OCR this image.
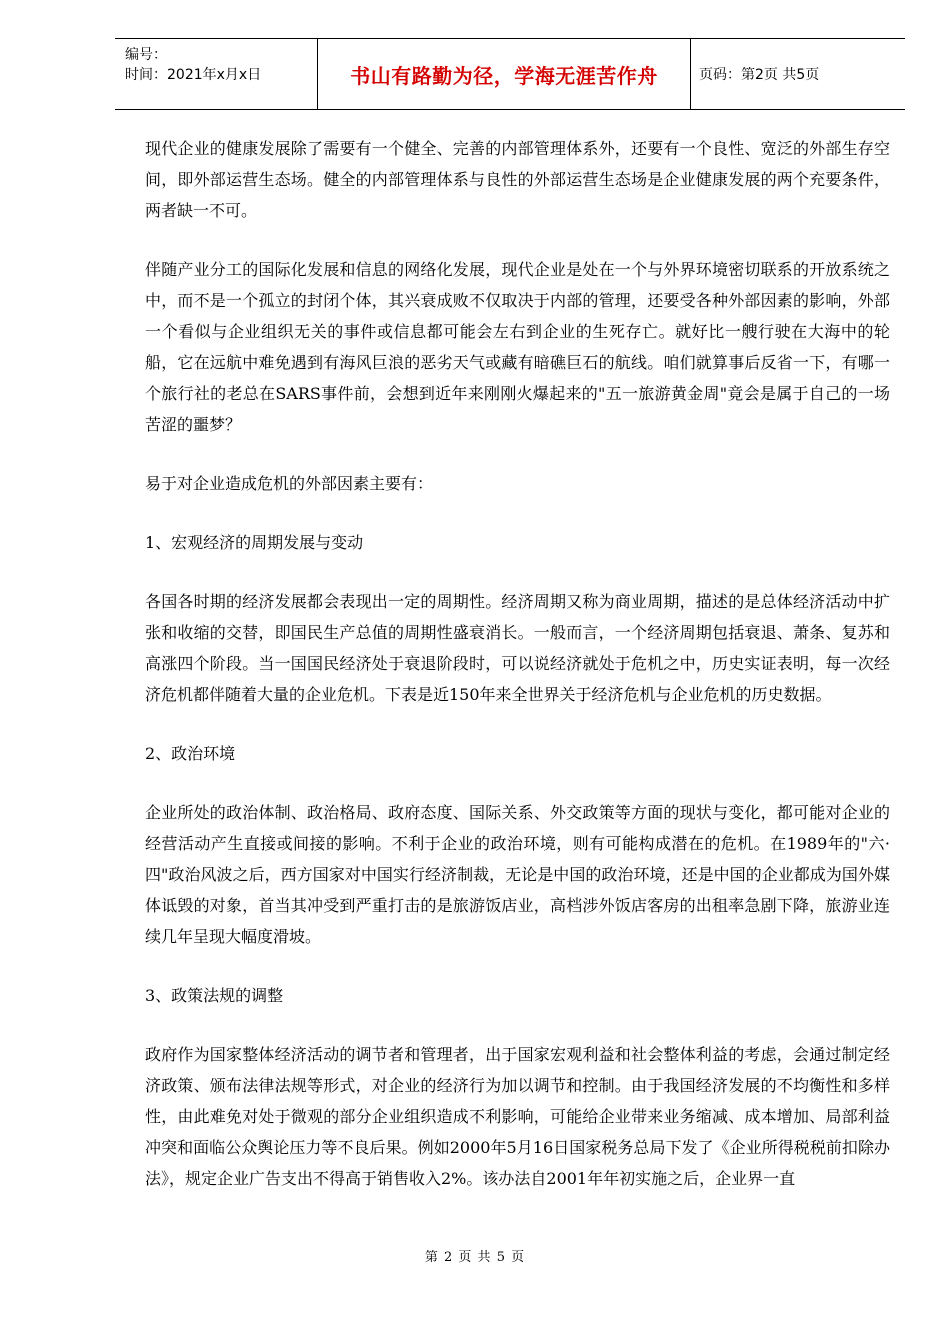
编号：
时间：2021年x月x日	书山有路勤为径，学海无涯苦作舟	页码：第2页 共5页

现代企业的健康发展除了需要有一个健全、完善的内部管理体系外，还要有一个良性、宽泛的外部生存空间，即外部运营生态场。健全的内部管理体系与良性的外部运营生态场是企业健康发展的两个充要条件，两者缺一不可。

伴随产业分工的国际化发展和信息的网络化发展，现代企业是处在一个与外界环境密切联系的开放系统之中，而不是一个孤立的封闭个体，其兴衰成败不仅取决于内部的管理，还要受各种外部因素的影响，外部一个看似与企业组织无关的事件或信息都可能会左右到企业的生死存亡。就好比一艘行驶在大海中的轮船，它在远航中难免遇到有海风巨浪的恶劣天气或藏有暗礁巨石的航线。咱们就算事后反省一下，有哪一个旅行社的老总在SARS事件前，会想到近年来刚刚火爆起来的"五一旅游黄金周"竟会是属于自己的一场苦涩的噩梦？

易于对企业造成危机的外部因素主要有：

1、宏观经济的周期发展与变动

各国各时期的经济发展都会表现出一定的周期性。经济周期又称为商业周期，描述的是总体经济活动中扩张和收缩的交替，即国民生产总值的周期性盛衰消长。一般而言，一个经济周期包括衰退、萧条、复苏和高涨四个阶段。当一国国民经济处于衰退阶段时，可以说经济就处于危机之中，历史实证表明，每一次经济危机都伴随着大量的企业危机。下表是近150年来全世界关于经济危机与企业危机的历史数据。

2、政治环境

企业所处的政治体制、政治格局、政府态度、国际关系、外交政策等方面的现状与变化，都可能对企业的经营活动产生直接或间接的影响。不利于企业的政治环境，则有可能构成潜在的危机。在1989年的"六·四"政治风波之后，西方国家对中国实行经济制裁，无论是中国的政治环境，还是中国的企业都成为国外媒体诋毁的对象，首当其冲受到严重打击的是旅游饭店业，高档涉外饭店客房的出租率急剧下降，旅游业连续几年呈现大幅度滑坡。

3、政策法规的调整

政府作为国家整体经济活动的调节者和管理者，出于国家宏观利益和社会整体利益的考虑，会通过制定经济政策、颁布法律法规等形式，对企业的经济行为加以调节和控制。由于我国经济发展的不均衡性和多样性，由此难免对处于微观的部分企业组织造成不利影响，可能给企业带来业务缩减、成本增加、局部利益冲突和面临公众舆论压力等不良后果。例如2000年5月16日国家税务总局下发了《企业所得税税前扣除办法》，规定企业广告支出不得高于销售收入2%。该办法自2001年年初实施之后，企业界一直

第 2 页 共 5 页
